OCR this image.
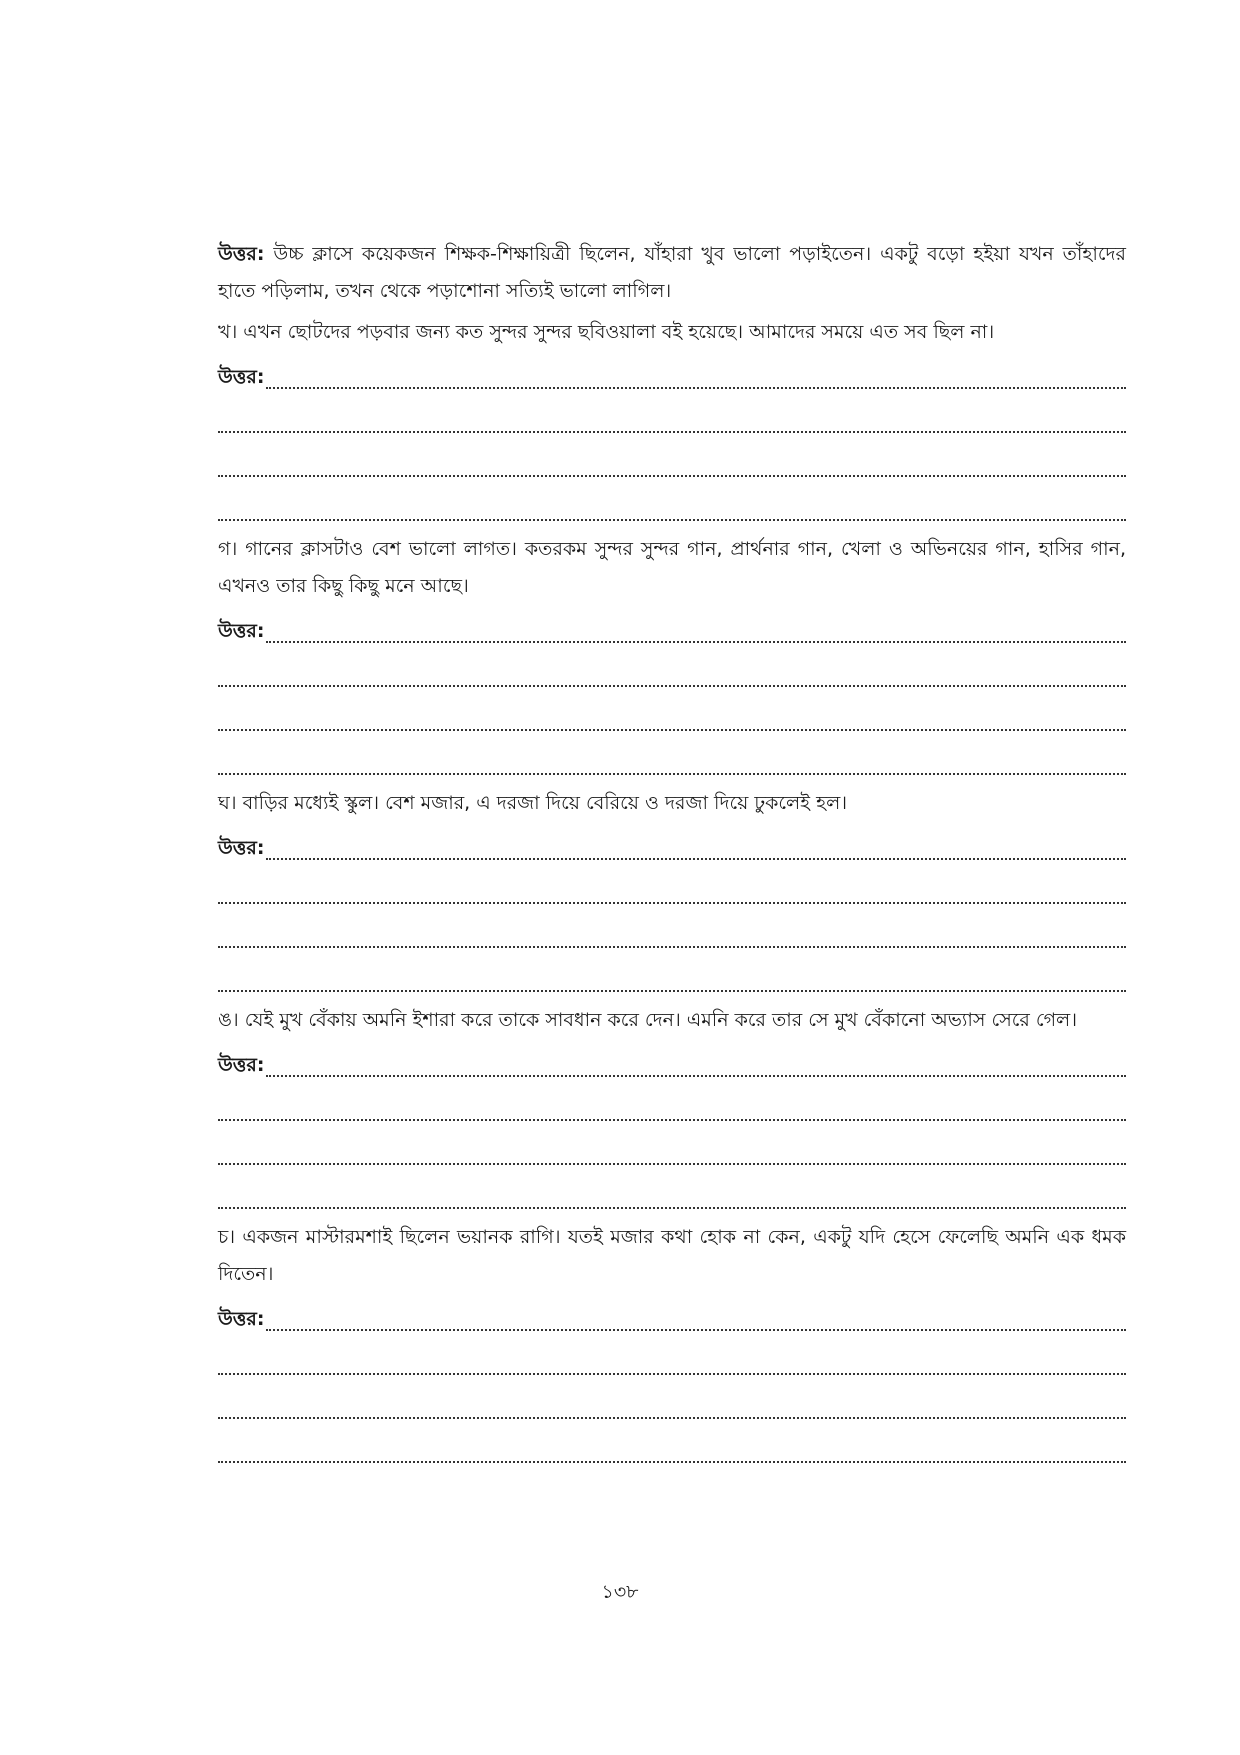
উত্তর: উচ্চ ক্লাসে কয়েকজন শিক্ষক-শিক্ষায়িত্রী ছিলেন, যাঁহারা খুব ভালো পড়াইতেন। একটু বড়ো হইয়া যখন তাঁহাদের হাতে পড়িলাম, তখন থেকে পড়াশোনা সত্যিই ভালো লাগিল।

খ। এখন ছোটদের পড়বার জন্য কত সুন্দর সুন্দর ছবিওয়ালা বই হয়েছে। আমাদের সময়ে এত সব ছিল না।

উত্তর:

গ। গানের ক্লাসটাও বেশ ভালো লাগত। কতরকম সুন্দর সুন্দর গান, প্রার্থনার গান, খেলা ও অভিনয়ের গান, হাসির গান, এখনও তার কিছু কিছু মনে আছে।

উত্তর:

ঘ। বাড়ির মধ্যেই স্কুল। বেশ মজার, এ দরজা দিয়ে বেরিয়ে ও দরজা দিয়ে ঢুকলেই হল।

উত্তর:

ঙ। যেই মুখ বেঁকায় অমনি ইশারা করে তাকে সাবধান করে দেন। এমনি করে তার সে মুখ বেঁকানো অভ্যাস সেরে গেল।

উত্তর:

চ। একজন মাস্টারমশাই ছিলেন ভয়ানক রাগি। যতই মজার কথা হোক না কেন, একটু যদি হেসে ফেলেছি অমনি এক ধমক দিতেন।

উত্তর:
১৩৮
